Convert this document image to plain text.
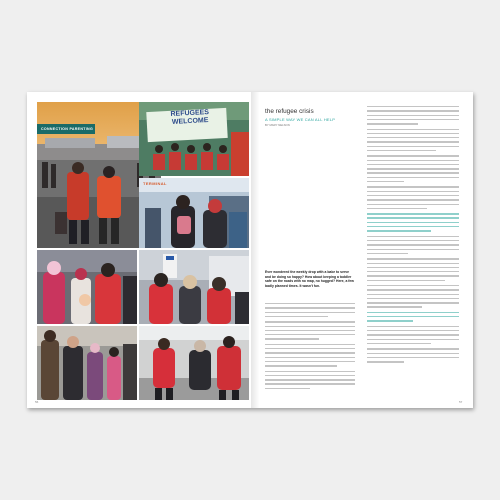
CONNECTION PARENTING
REFUGEES WELCOME
TERMINAL
the refugee crisis
A SIMPLE WAY WE CAN ALL HELP
BY MARY NELSON
Ever wondered the weekly drop with a bake to serve and be doing so happy? How about keeping a toddler safe on the roads with no map, no hugged? Here, a few badly planned times. It wasn't fun.
56	57
